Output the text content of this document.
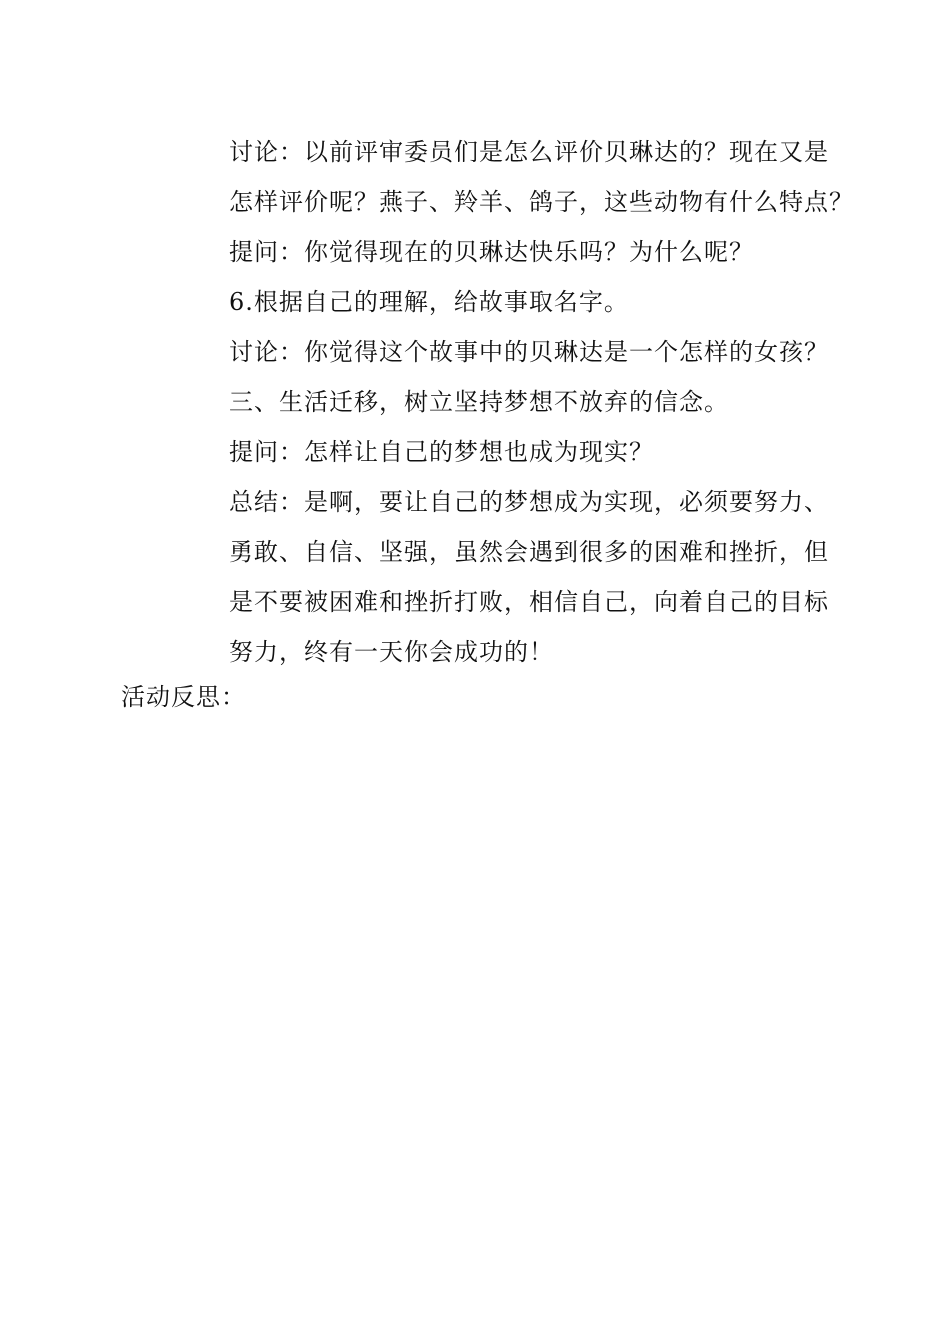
讨论：以前评审委员们是怎么评价贝琳达的？现在又是
怎样评价呢？燕子、羚羊、鸽子，这些动物有什么特点？
提问：你觉得现在的贝琳达快乐吗？为什么呢？
6.根据自己的理解，给故事取名字。
讨论：你觉得这个故事中的贝琳达是一个怎样的女孩？
三、生活迁移，树立坚持梦想不放弃的信念。
提问：怎样让自己的梦想也成为现实？
总结：是啊，要让自己的梦想成为实现，必须要努力、
勇敢、自信、坚强，虽然会遇到很多的困难和挫折，但
是不要被困难和挫折打败，相信自己，向着自己的目标
努力，终有一天你会成功的！
活动反思：
